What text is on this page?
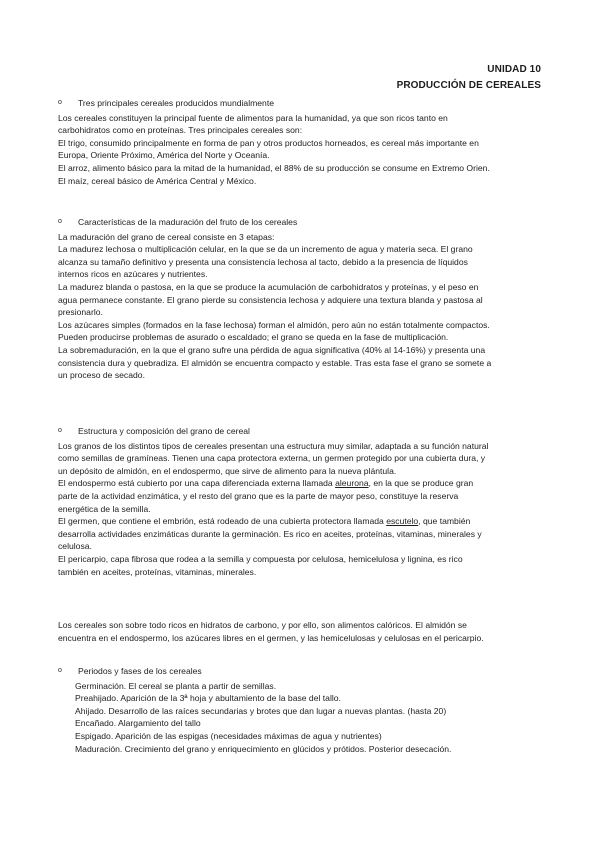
UNIDAD 10
PRODUCCIÓN DE CEREALES
o Tres principales cereales producidos mundialmente
Los cereales constituyen la principal fuente de alimentos para la humanidad, ya que son ricos tanto en
carbohidratos como en proteínas. Tres principales cereales son:
El trigo, consumido principalmente en forma de pan y otros productos horneados, es cereal más importante en
Europa, Oriente Próximo, América del Norte y Oceanía.
El arroz, alimento básico para la mitad de la humanidad, el 88% de su producción se consume en Extremo Orien.
El maíz, cereal básico de América Central y México.
o Características de la maduración del fruto de los cereales
La maduración del grano de cereal consiste en 3 etapas:
La madurez lechosa o multiplicación celular, en la que se da un incremento de agua y materia seca. El grano
alcanza su tamaño definitivo y presenta una consistencia lechosa al tacto, debido a la presencia de líquidos
internos ricos en azúcares y nutrientes.
La madurez blanda o pastosa, en la que se produce la acumulación de carbohidratos y proteínas, y el peso en
agua permanece constante. El grano pierde su consistencia lechosa y adquiere una textura blanda y pastosa al
presionarlo.
Los azúcares simples (formados en la fase lechosa) forman el almidón, pero aún no están totalmente compactos.
Pueden producirse problemas de asurado o escaldado; el grano se queda en la fase de multiplicación.
La sobremaduración, en la que el grano sufre una pérdida de agua significativa (40% al 14-16%) y presenta una
consistencia dura y quebradiza. El almidón se encuentra compacto y estable. Tras esta fase el grano se somete a
un proceso de secado.
o Estructura y composición del grano de cereal
Los granos de los distintos tipos de cereales presentan una estructura muy similar, adaptada a su función natural
como semillas de gramíneas. Tienen una capa protectora externa, un germen protegido por una cubierta dura, y
un depósito de almidón, en el endospermo, que sirve de alimento para la nueva plántula.
El endospermo está cubierto por una capa diferenciada externa llamada aleurona, en la que se produce gran
parte de la actividad enzimática, y el resto del grano que es la parte de mayor peso, constituye la reserva
energética de la semilla.
El germen, que contiene el embrión, está rodeado de una cubierta protectora llamada escutelo, que también
desarrolla actividades enzimáticas durante la germinación. Es rico en aceites, proteínas, vitaminas, minerales y
celulosa.
El pericarpio, capa fibrosa que rodea a la semilla y compuesta por celulosa, hemicelulosa y lignina, es rico
también en aceites, proteínas, vitaminas, minerales.
Los cereales son sobre todo ricos en hidratos de carbono, y por ello, son alimentos calóricos. El almidón se
encuentra en el endospermo, los azúcares libres en el germen, y las hemicelulosas y celulosas en el pericarpio.
o Periodos y fases de los cereales
Germinación. El cereal se planta a partir de semillas.
Preahijado. Aparición de la 3ª hoja y abultamiento de la base del tallo.
Ahijado. Desarrollo de las raíces secundarias y brotes que dan lugar a nuevas plantas. (hasta 20)
Encañado. Alargamiento del tallo
Espigado. Aparición de las espigas (necesidades máximas de agua y nutrientes)
Maduración. Crecimiento del grano y enriquecimiento en glúcidos y prótidos. Posterior desecación.
